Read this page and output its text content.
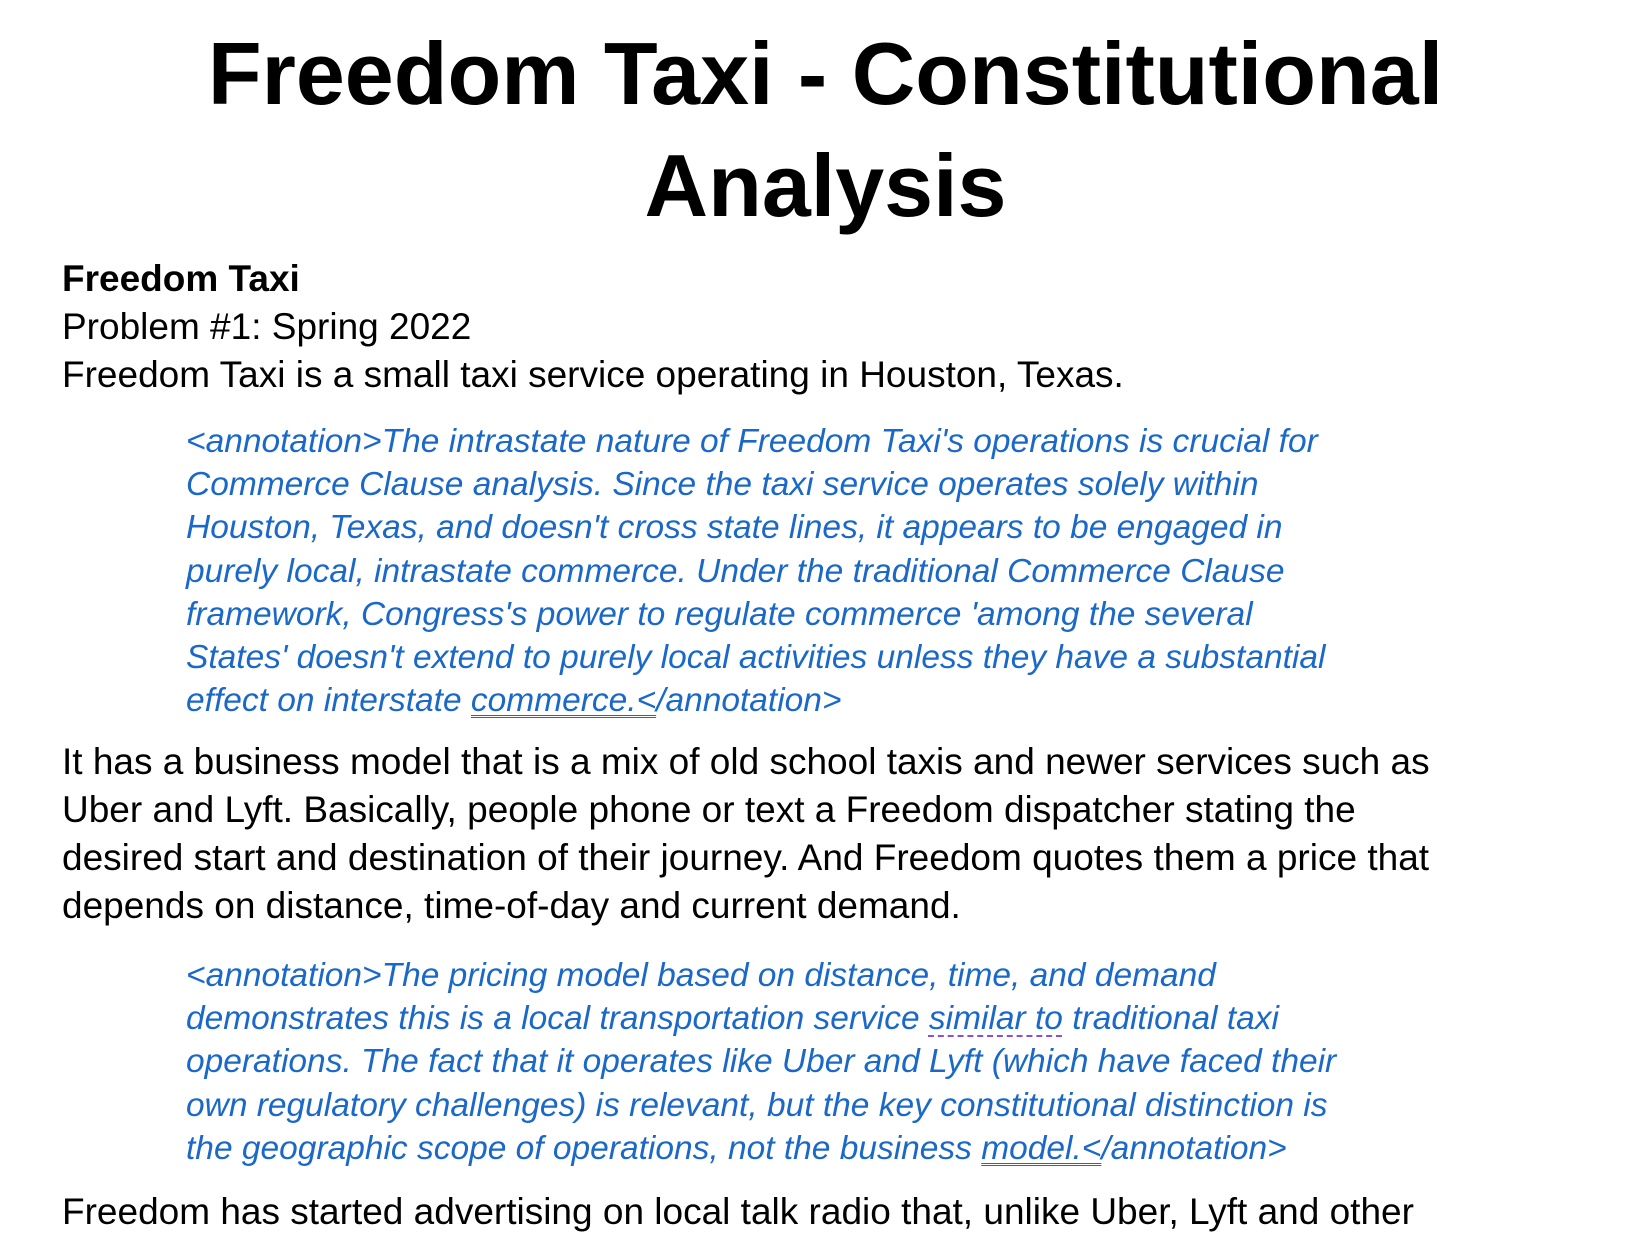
Freedom Taxi - Constitutional
Analysis

Freedom Taxi

Problem #1: Spring 2022

Freedom Taxi is a small taxi service operating in Houston, Texas.

<annotation>The intrastate nature of Freedom Taxi's operations is crucial for
Commerce Clause analysis. Since the taxi service operates solely within
Houston, Texas, and doesn't cross state lines, it appears to be engaged in
purely local, intrastate commerce. Under the traditional Commerce Clause
framework, Congress's power to regulate commerce 'among the several
States' doesn't extend to purely local activities unless they have a substantial
effect on interstate commerce.</annotation>
It has a business model that is a mix of old school taxis and newer services such as
Uber and Lyft. Basically, people phone or text a Freedom dispatcher stating the
desired start and destination of their journey. And Freedom quotes them a price that
depends on distance, time-of-day and current demand.
<annotation>The pricing model based on distance, time, and demand
demonstrates this is a local transportation service similar to traditional taxi
operations. The fact that it operates like Uber and Lyft (which have faced their
own regulatory challenges) is relevant, but the key constitutional distinction is
the geographic scope of operations, not the business model.</annotation>

Freedom has started advertising on local talk radio that, unlike Uber, Lyft and other
